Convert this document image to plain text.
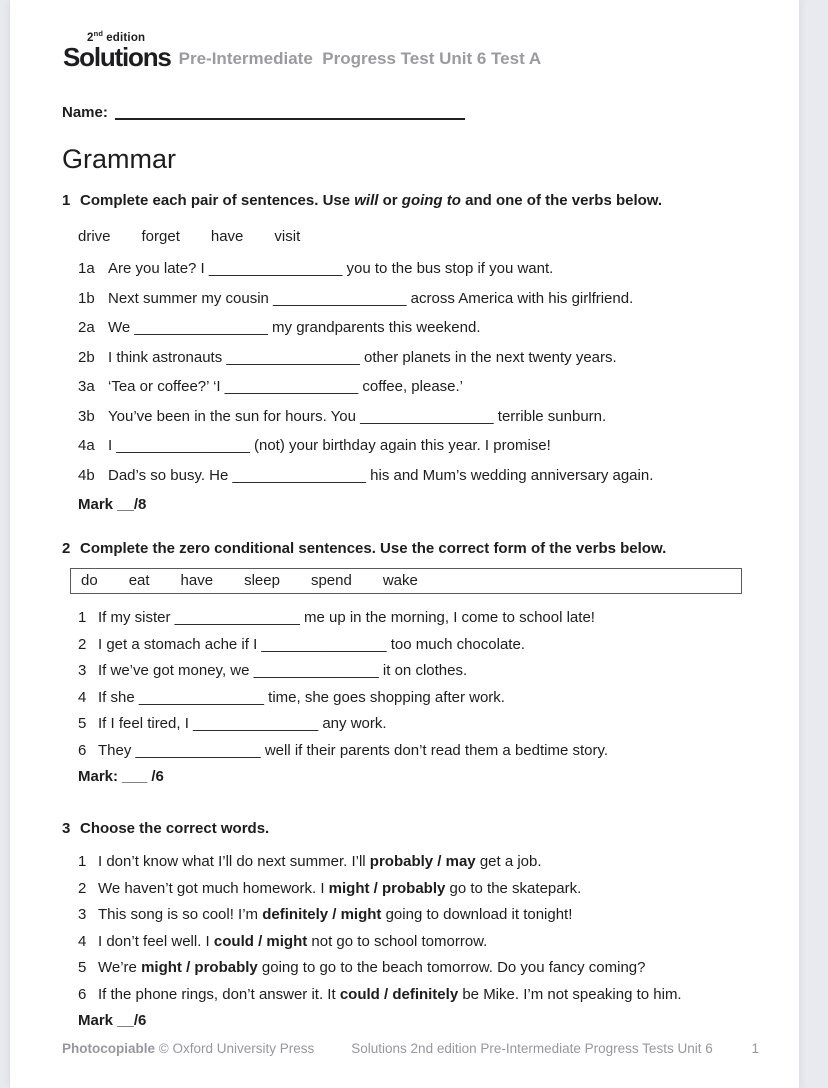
2nd edition
Solutions Pre-Intermediate  Progress Test Unit 6 Test A
Name:
Grammar
1 Complete each pair of sentences. Use will or going to and one of the verbs below.
drive forget have visit
1a Are you late? I ________________ you to the bus stop if you want.
1b Next summer my cousin ________________ across America with his girlfriend.
2a We ________________ my grandparents this weekend.
2b I think astronauts ________________ other planets in the next twenty years.
3a ‘Tea or coffee?’ ‘I ________________ coffee, please.’
3b You’ve been in the sun for hours. You ________________ terrible sunburn.
4a I ________________ (not) your birthday again this year. I promise!
4b Dad’s so busy. He ________________ his and Mum’s wedding anniversary again.
Mark __/8
2 Complete the zero conditional sentences. Use the correct form of the verbs below.
do eat have sleep spend wake
1 If my sister _______________ me up in the morning, I come to school late!
2 I get a stomach ache if I _______________ too much chocolate.
3 If we’ve got money, we _______________ it on clothes.
4 If she _______________ time, she goes shopping after work.
5 If I feel tired, I _______________ any work.
6 They _______________ well if their parents don’t read them a bedtime story.
Mark: ___ /6
3 Choose the correct words.
1 I don’t know what I’ll do next summer. I’ll probably / may get a job.
2 We haven’t got much homework. I might / probably go to the skatepark.
3 This song is so cool! I’m definitely / might going to download it tonight!
4 I don’t feel well. I could / might not go to school tomorrow.
5 We’re might / probably going to go to the beach tomorrow. Do you fancy coming?
6 If the phone rings, don’t answer it. It could / definitely be Mike. I’m not speaking to him.
Mark __/6
Photocopiable © Oxford University Press	Solutions 2nd edition Pre-Intermediate Progress Tests Unit 6	1
